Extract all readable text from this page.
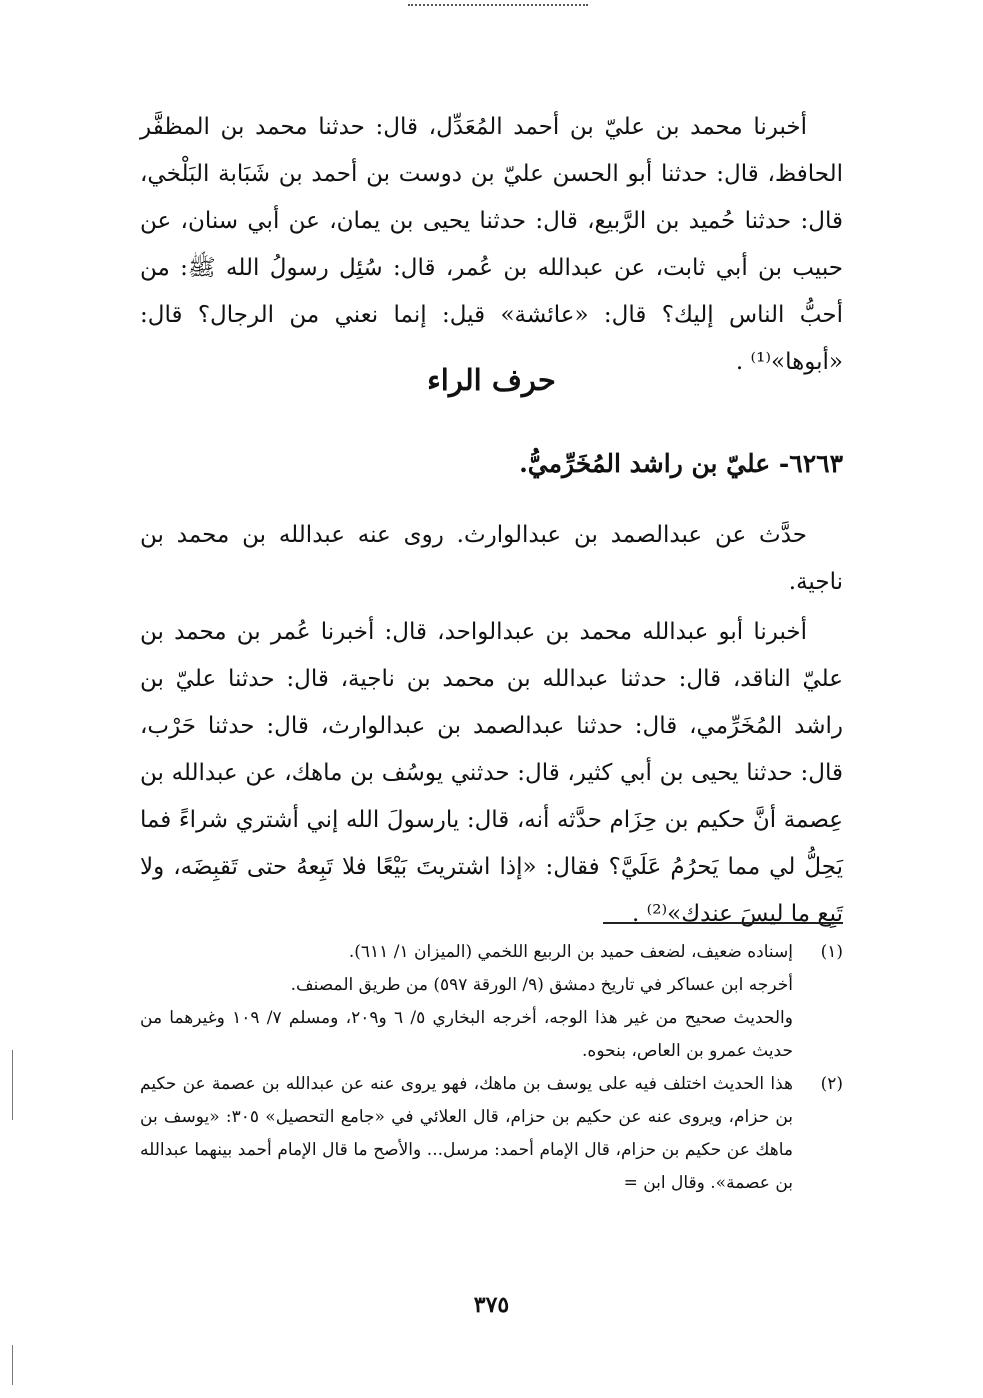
أخبرنا محمد بن عليّ بن أحمد المُعَدِّل، قال: حدثنا محمد بن المظفَّر الحافظ، قال: حدثنا أبو الحسن عليّ بن دوست بن أحمد بن شَبَابة البَلْخي، قال: حدثنا حُميد بن الرَّبيع، قال: حدثنا يحيى بن يمان، عن أبي سنان، عن حبيب بن أبي ثابت، عن عبدالله بن عُمر، قال: سُئِل رسولُ الله ﷺ: من أحبُّ الناس إليك؟ قال: «عائشة» قيل: إنما نعني من الرجال؟ قال: «أبوها»⁽¹⁾ .

حرف الراء
٦٢٦٣- عليّ بن راشد المُخَرِّميُّ.

حدَّث عن عبدالصمد بن عبدالوارث. روى عنه عبدالله بن محمد بن ناجية.

أخبرنا أبو عبدالله محمد بن عبدالواحد، قال: أخبرنا عُمر بن محمد بن عليّ الناقد، قال: حدثنا عبدالله بن محمد بن ناجية، قال: حدثنا عليّ بن راشد المُخَرِّمي، قال: حدثنا عبدالصمد بن عبدالوارث، قال: حدثنا حَرْب، قال: حدثنا يحيى بن أبي كثير، قال: حدثني يوسُف بن ماهك، عن عبدالله بن عِصمة أنَّ حكيم بن حِزَام حدَّثه أنه، قال: يارسولَ الله إني أشتري شراءً فما يَحِلُّ لي مما يَحرُمُ عَلَيَّ؟ فقال: «إذا اشتريتَ بَيْعًا فلا تَبِعهُ حتى تَقبِضَه، ولا تَبِع ما ليسَ عندك»⁽²⁾ .

(١)

إسناده ضعيف، لضعف حميد بن الربيع اللخمي (الميزان ١/ ٦١١).

أخرجه ابن عساكر في تاريخ دمشق (٩/ الورقة ٥٩٧) من طريق المصنف.

والحديث صحيح من غير هذا الوجه، أخرجه البخاري ٥/ ٦ و٢٠٩، ومسلم ٧/ ١٠٩ وغيرهما من حديث عمرو بن العاص، بنحوه.

(٢)

هذا الحديث اختلف فيه على يوسف بن ماهك، فهو يروى عنه عن عبدالله بن عصمة عن حكيم بن حزام، ويروى عنه عن حكيم بن حزام، قال العلائي في «جامع التحصيل» ٣٠٥: «يوسف بن ماهك عن حكيم بن حزام، قال الإمام أحمد: مرسل... والأصح ما قال الإمام أحمد بينهما عبدالله بن عصمة». وقال ابن =

٣٧٥
